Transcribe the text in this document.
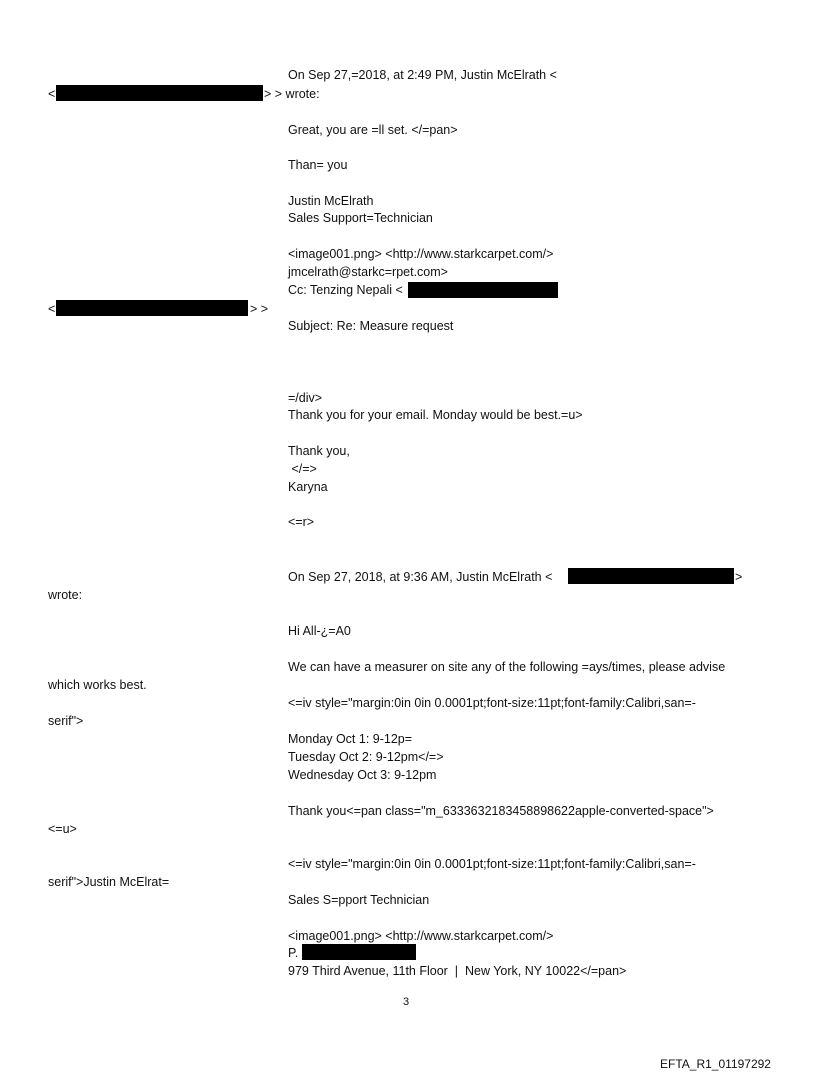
On Sep 27,=2018, at 2:49 PM, Justin McElrath <
<	> > wrote:
Great, you are =ll set. </=pan>
Than= you
Justin McElrath
Sales Support=Technician
<image001.png> <http://www.starkcarpet.com/>
jmcelrath@starkc=rpet.com>
Cc: Tenzing Nepali <
<	> >
Subject: Re: Measure request
=/div>
Thank you for your email. Monday would be best.=u>
Thank you,
</=>
Karyna
<=r>
On Sep 27, 2018, at 9:36 AM, Justin McElrath <	>
wrote:
Hi All-¿=A0
We can have a measurer on site any of the following =ays/times, please advise
which works best.
<=iv style="margin:0in 0in 0.0001pt;font-size:11pt;font-family:Calibri,san=-
serif">
Monday Oct 1: 9-12p=
Tuesday Oct 2: 9-12pm</=>
Wednesday Oct 3: 9-12pm
Thank you<=pan class="m_6333632183458898622apple-converted-space">
<=u>
<=iv style="margin:0in 0in 0.0001pt;font-size:11pt;font-family:Calibri,san=-
serif">Justin McElrat=
Sales S=pport Technician
<image001.png> <http://www.starkcarpet.com/>
P.
979 Third Avenue, 11th Floor  |  New York, NY 10022</=pan>
3
EFTA_R1_01197292
